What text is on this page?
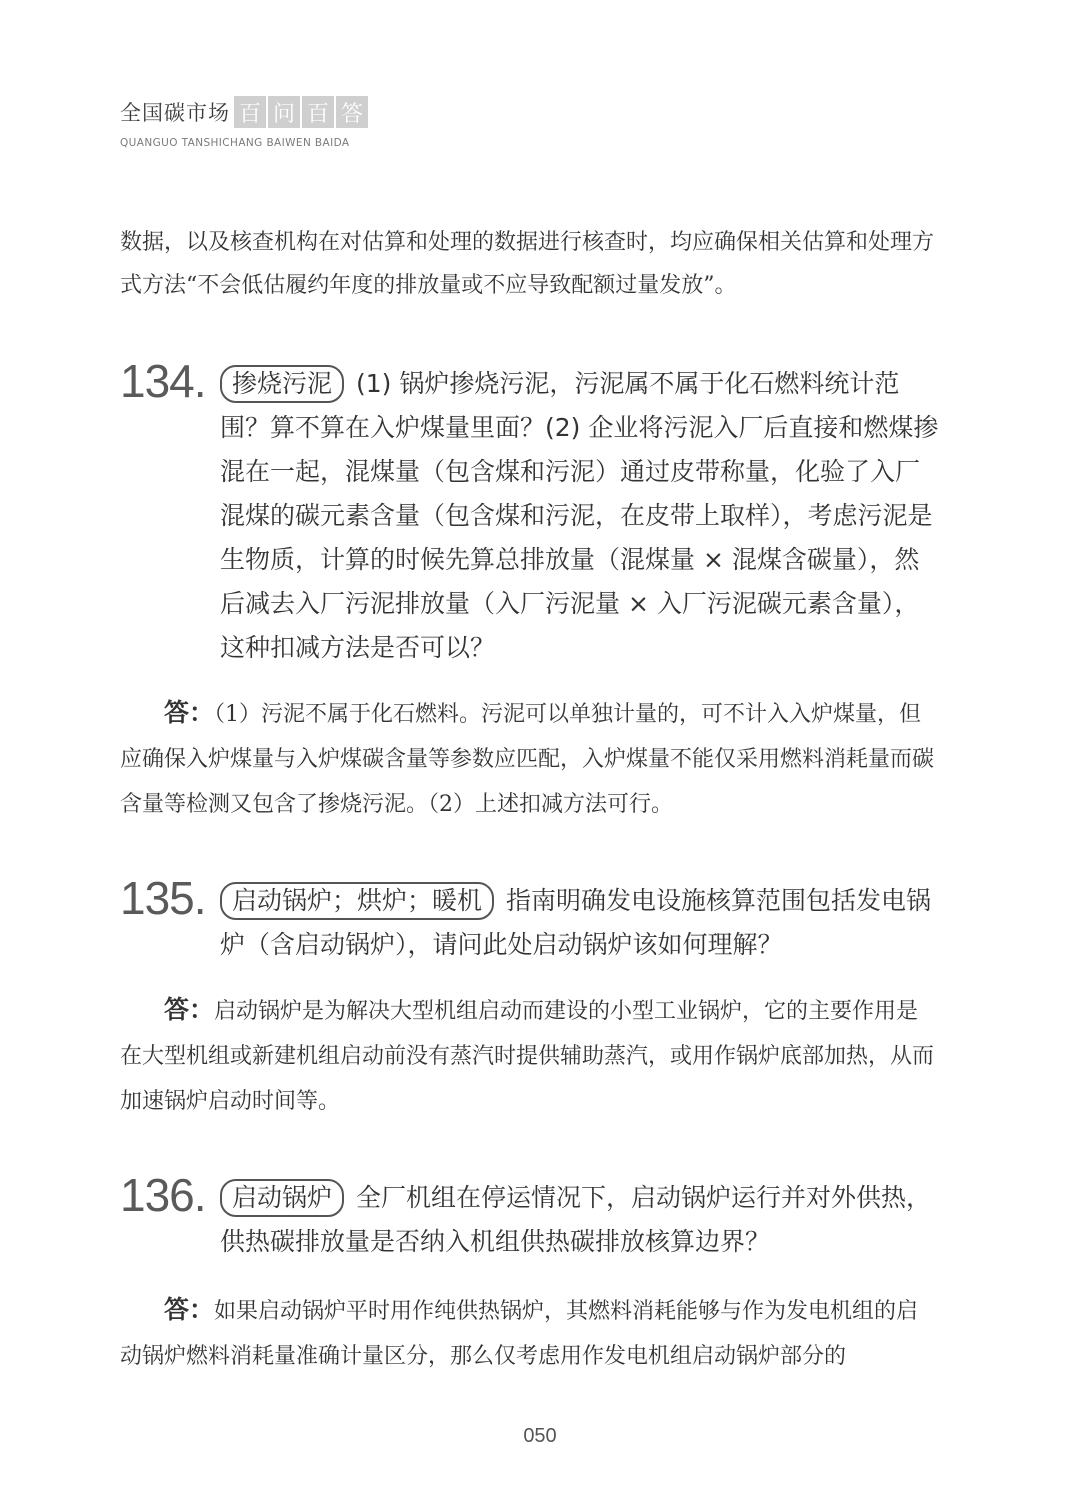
全国碳市场 百 问 百 答
QUANGUO TANSHICHANG BAIWEN BAIDA

数据，以及核查机构在对估算和处理的数据进行核查时，均应确保相关估算和处理方式方法“不会低估履约年度的排放量或不应导致配额过量发放”。

134.	掺烧污泥 (1) 锅炉掺烧污泥，污泥属不属于化石燃料统计范围？算不算在入炉煤量里面？(2) 企业将污泥入厂后直接和燃煤掺混在一起，混煤量（包含煤和污泥）通过皮带称量，化验了入厂混煤的碳元素含量（包含煤和污泥，在皮带上取样），考虑污泥是生物质，计算的时候先算总排放量（混煤量 × 混煤含碳量），然后减去入厂污泥排放量（入厂污泥量 × 入厂污泥碳元素含量），这种扣减方法是否可以？

答：（1）污泥不属于化石燃料。污泥可以单独计量的，可不计入入炉煤量，但应确保入炉煤量与入炉煤碳含量等参数应匹配，入炉煤量不能仅采用燃料消耗量而碳含量等检测又包含了掺烧污泥。（2）上述扣减方法可行。

135.	启动锅炉；烘炉；暖机 指南明确发电设施核算范围包括发电锅炉（含启动锅炉），请问此处启动锅炉该如何理解？

答：启动锅炉是为解决大型机组启动而建设的小型工业锅炉，它的主要作用是在大型机组或新建机组启动前没有蒸汽时提供辅助蒸汽，或用作锅炉底部加热，从而加速锅炉启动时间等。

136.	启动锅炉 全厂机组在停运情况下，启动锅炉运行并对外供热，供热碳排放量是否纳入机组供热碳排放核算边界？

答：如果启动锅炉平时用作纯供热锅炉，其燃料消耗能够与作为发电机组的启动锅炉燃料消耗量准确计量区分，那么仅考虑用作发电机组启动锅炉部分的

050
